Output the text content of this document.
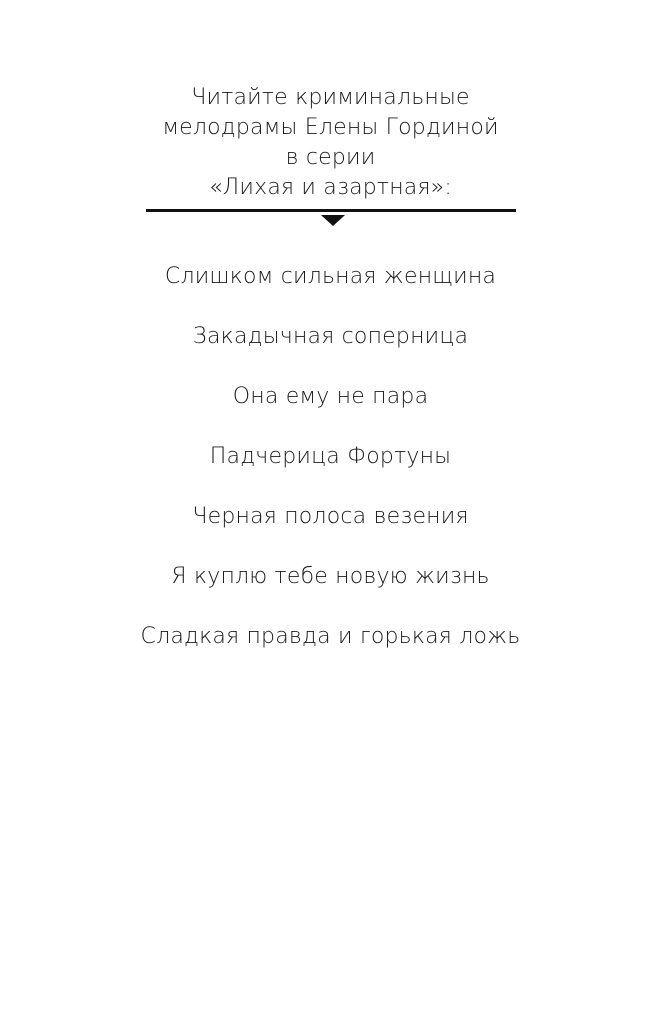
Читайте криминальные
мелодрамы Елены Гординой
в серии
«Лихая и азартная»:
Слишком сильная женщина
Закадычная соперница
Она ему не пара
Падчерица Фортуны
Черная полоса везения
Я куплю тебе новую жизнь
Сладкая правда и горькая ложь
